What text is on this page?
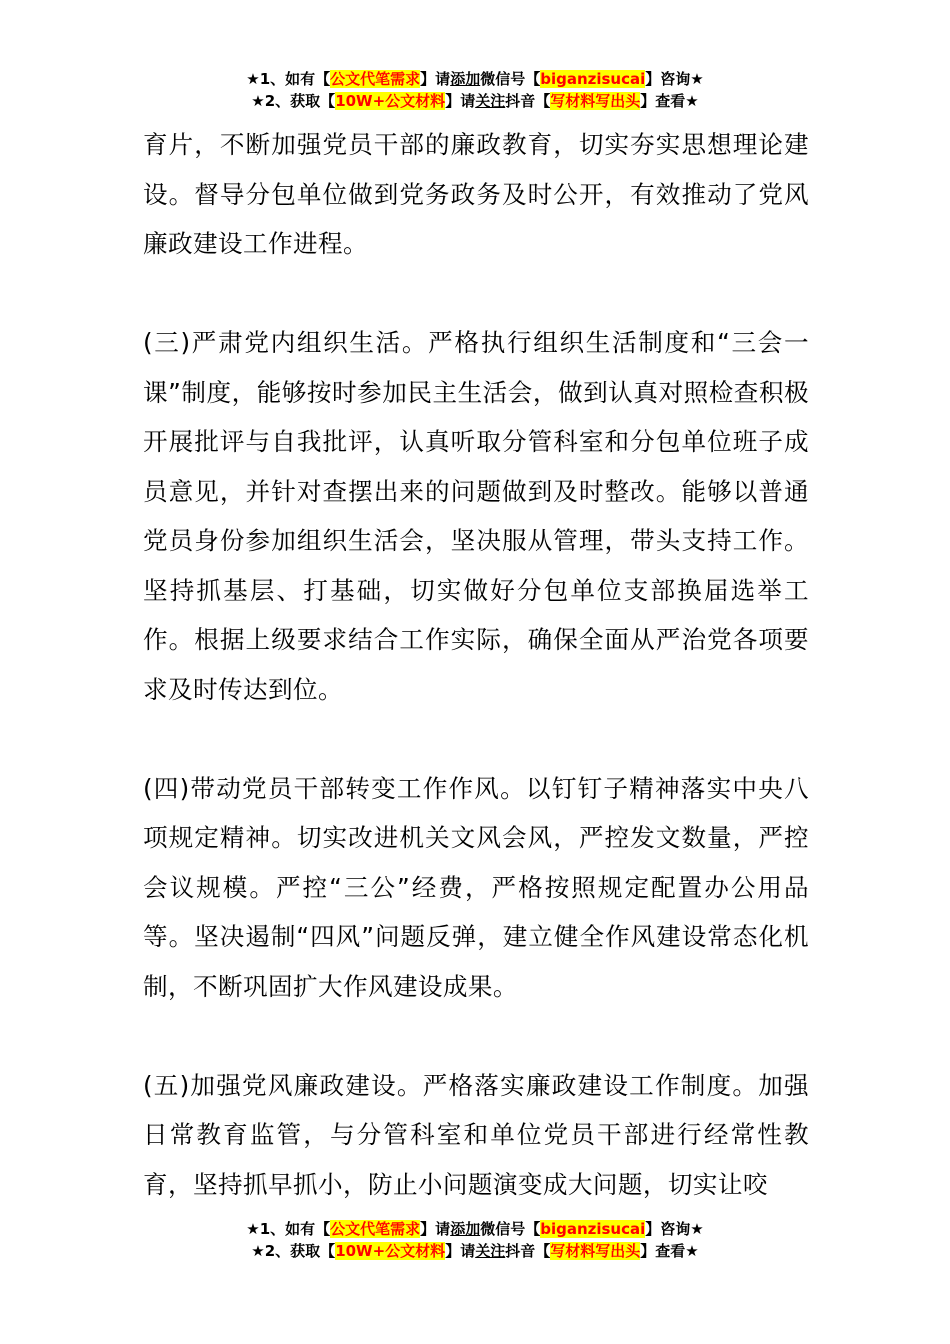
★1、如有【公文代笔需求】请添加微信号【biganzisucai】咨询★
★2、获取【10W+公文材料】请关注抖音【写材料写出头】查看★

育片，不断加强党员干部的廉政教育，切实夯实思想理论建设。督导分包单位做到党务政务及时公开，有效推动了党风廉政建设工作进程。

(三)严肃党内组织生活。严格执行组织生活制度和“三会一课”制度，能够按时参加民主生活会，做到认真对照检查积极开展批评与自我批评，认真听取分管科室和分包单位班子成员意见，并针对查摆出来的问题做到及时整改。能够以普通党员身份参加组织生活会，坚决服从管理，带头支持工作。坚持抓基层、打基础，切实做好分包单位支部换届选举工作。根据上级要求结合工作实际，确保全面从严治党各项要求及时传达到位。

(四)带动党员干部转变工作作风。以钉钉子精神落实中央八项规定精神。切实改进机关文风会风，严控发文数量，严控会议规模。严控“三公”经费，严格按照规定配置办公用品等。坚决遏制“四风”问题反弹，建立健全作风建设常态化机制，不断巩固扩大作风建设成果。

(五)加强党风廉政建设。严格落实廉政建设工作制度。加强日常教育监管，与分管科室和单位党员干部进行经常性教育，坚持抓早抓小，防止小问题演变成大问题，切实让咬

★1、如有【公文代笔需求】请添加微信号【biganzisucai】咨询★
★2、获取【10W+公文材料】请关注抖音【写材料写出头】查看★
